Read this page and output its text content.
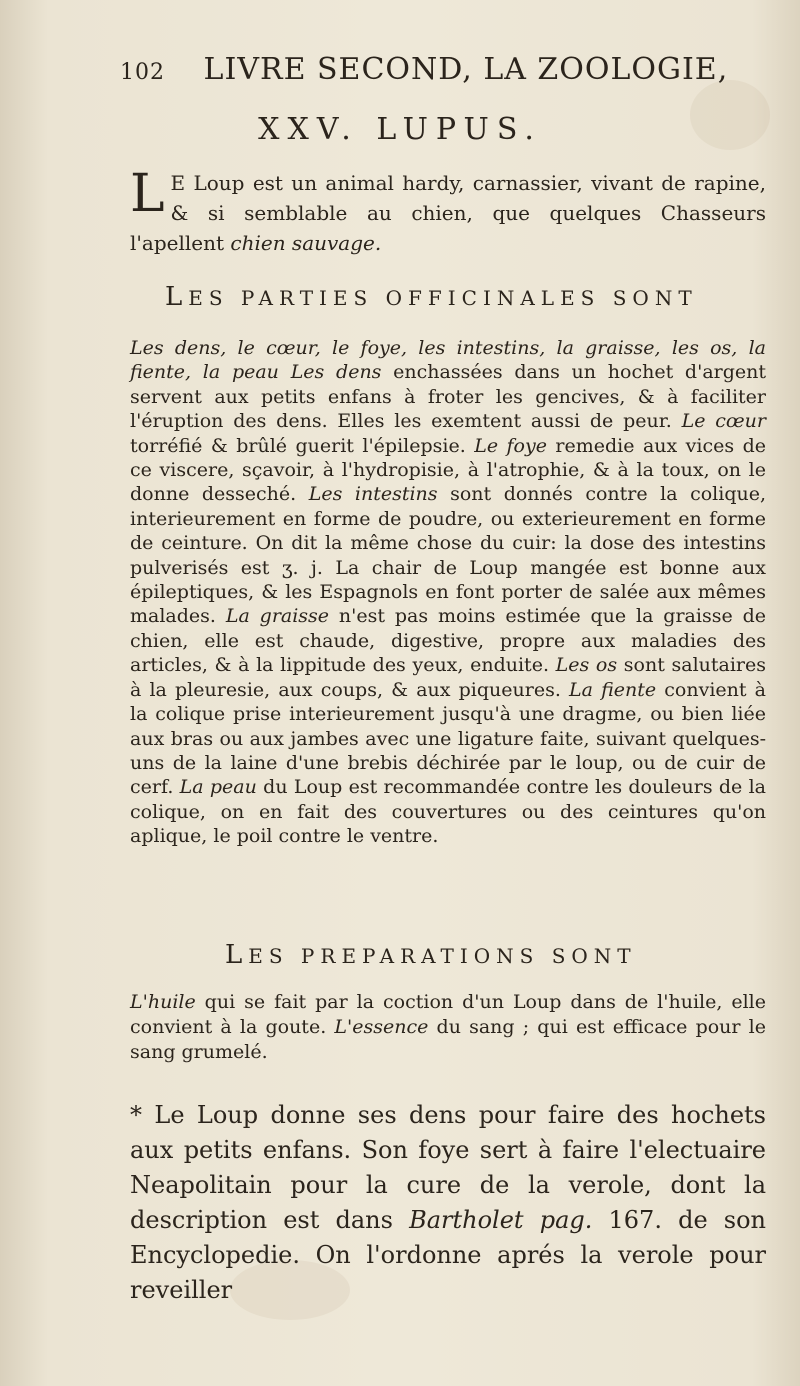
102 LIVRE SECOND, LA ZOOLOGIE,
XXV. LUPUS.
L E Loup est un animal hardy, carnassier, vivant de rapine, & si semblable au chien, que quelques Chasseurs l'apellent chien sauvage.
LES PARTIES OFFICINALES SONT
Les dens, le cœur, le foye, les intestins, la graisse, les os, la fiente, la peau Les dens enchassées dans un hochet d'argent servent aux petits enfans à froter les gencives, & à faciliter l'éruption des dens. Elles les exemtent aussi de peur. Le cœur torréfié & brûlé guerit l'épilepsie. Le foye remedie aux vices de ce viscere, sçavoir, à l'hydropisie, à l'atrophie, & à la toux, on le donne desseché. Les intestins sont donnés contre la colique, interieurement en forme de poudre, ou exterieurement en forme de ceinture. On dit la même chose du cuir: la dose des intestins pulverisés est ʒ. j. La chair de Loup mangée est bonne aux épileptiques, & les Espagnols en font porter de salée aux mêmes malades. La graisse n'est pas moins estimée que la graisse de chien, elle est chaude, digestive, propre aux maladies des articles, & à la lippitude des yeux, enduite. Les os sont salutaires à la pleuresie, aux coups, & aux piqueures. La fiente convient à la colique prise interieurement jusqu'à une dragme, ou bien liée aux bras ou aux jambes avec une ligature faite, suivant quelques-uns de la laine d'une brebis déchirée par le loup, ou de cuir de cerf. La peau du Loup est recommandée contre les douleurs de la colique, on en fait des couvertures ou des ceintures qu'on aplique, le poil contre le ventre.
LES PREPARATIONS SONT
L'huile qui se fait par la coction d'un Loup dans de l'huile, elle convient à la goute. L'essence du sang ; qui est efficace pour le sang grumelé.
* Le Loup donne ses dens pour faire des hochets aux petits enfans. Son foye sert à faire l'electuaire Neapolitain pour la cure de la verole, dont la description est dans Bartholet pag. 167. de son Encyclopedie. On l'ordonne aprés la verole pour reveiller
